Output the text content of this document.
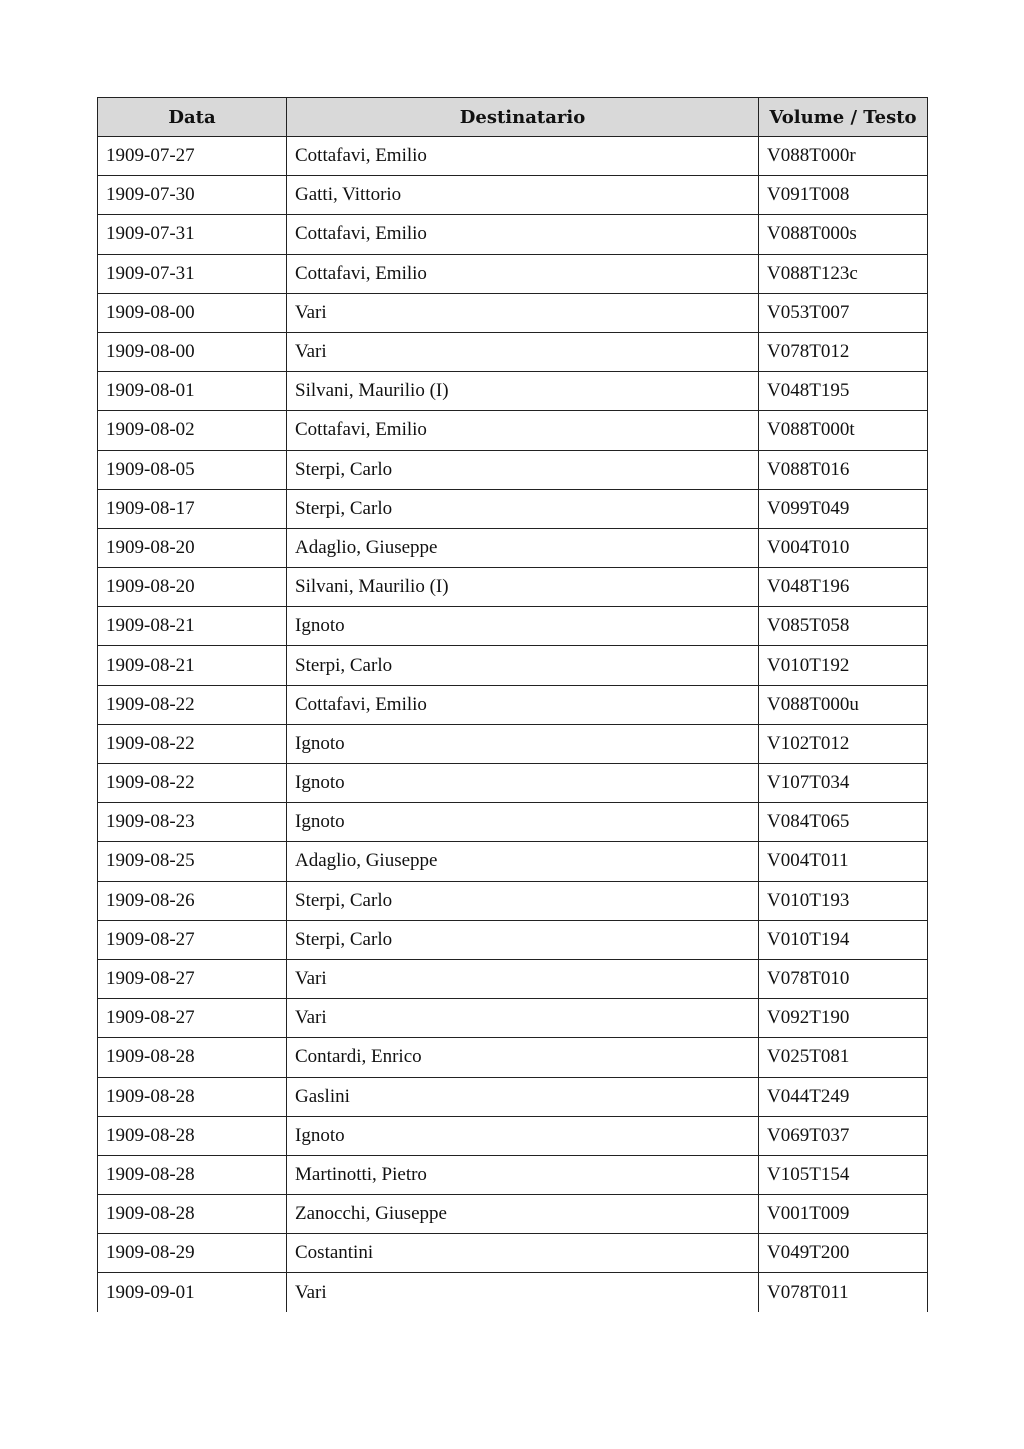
Data	Destinatario	Volume / Testo
1909-07-27	Cottafavi, Emilio	V088T000r
1909-07-30	Gatti, Vittorio	V091T008
1909-07-31	Cottafavi, Emilio	V088T000s
1909-07-31	Cottafavi, Emilio	V088T123c
1909-08-00	Vari	V053T007
1909-08-00	Vari	V078T012
1909-08-01	Silvani, Maurilio (I)	V048T195
1909-08-02	Cottafavi, Emilio	V088T000t
1909-08-05	Sterpi, Carlo	V088T016
1909-08-17	Sterpi, Carlo	V099T049
1909-08-20	Adaglio, Giuseppe	V004T010
1909-08-20	Silvani, Maurilio (I)	V048T196
1909-08-21	Ignoto	V085T058
1909-08-21	Sterpi, Carlo	V010T192
1909-08-22	Cottafavi, Emilio	V088T000u
1909-08-22	Ignoto	V102T012
1909-08-22	Ignoto	V107T034
1909-08-23	Ignoto	V084T065
1909-08-25	Adaglio, Giuseppe	V004T011
1909-08-26	Sterpi, Carlo	V010T193
1909-08-27	Sterpi, Carlo	V010T194
1909-08-27	Vari	V078T010
1909-08-27	Vari	V092T190
1909-08-28	Contardi, Enrico	V025T081
1909-08-28	Gaslini	V044T249
1909-08-28	Ignoto	V069T037
1909-08-28	Martinotti, Pietro	V105T154
1909-08-28	Zanocchi, Giuseppe	V001T009
1909-08-29	Costantini	V049T200
1909-09-01	Vari	V078T011
